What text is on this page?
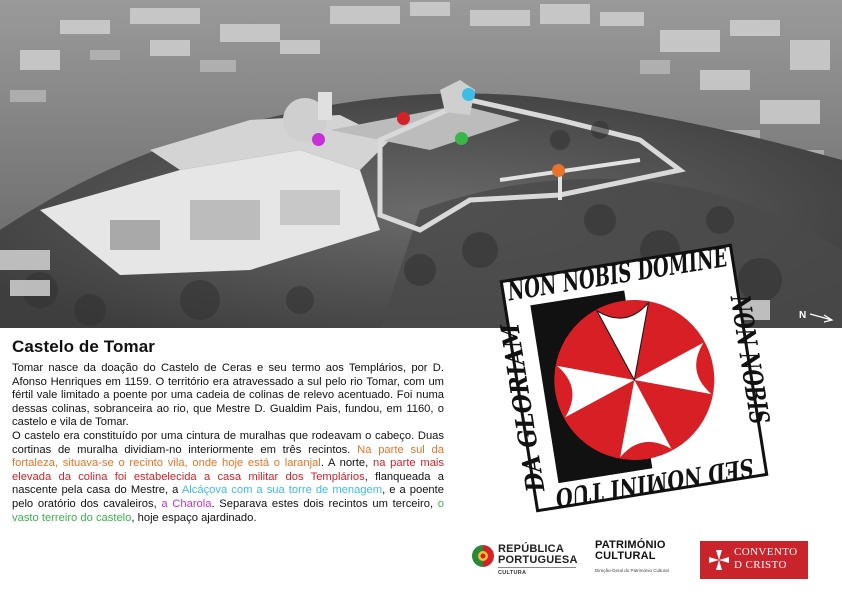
N
Castelo de Tomar

Tomar nasce da doação do Castelo de Ceras e seu termo aos Templários, por D. Afonso Henriques em 1159. O território era atravessado a sul pelo rio Tomar, com um fértil vale limitado a poente por uma cadeia de colinas de relevo acentuado. Foi numa dessas colinas, sobranceira ao rio, que Mestre D. Gualdim Pais, fundou, em 1160, o castelo e vila de Tomar.

O castelo era constituído por uma cintura de muralhas que rodeavam o cabeço. Duas cortinas de muralha dividiam-no interiormente em três recintos. Na parte sul da fortaleza, situava-se o recinto vila, onde hoje está o laranjal. A norte, na parte mais elevada da colina foi estabelecida a casa militar dos Templários, flanqueada a nascente pela casa do Mestre, a Alcáçova com a sua torre de menagem, e a poente pelo oratório dos cavaleiros, a Charola. Separava estes dois recintos um terceiro, o vasto terreiro do castelo, hoje espaço ajardinado.

NON NOBIS DOMINE
NON NOBIS
SED NOMINI TUO
DA GLORIAM
REPÚBLICA
PORTUGUESA
CULTURA
PATRIMÓNIO
CULTURAL
Direção-Geral do Património Cultural
CONVENTO
D CRISTO
